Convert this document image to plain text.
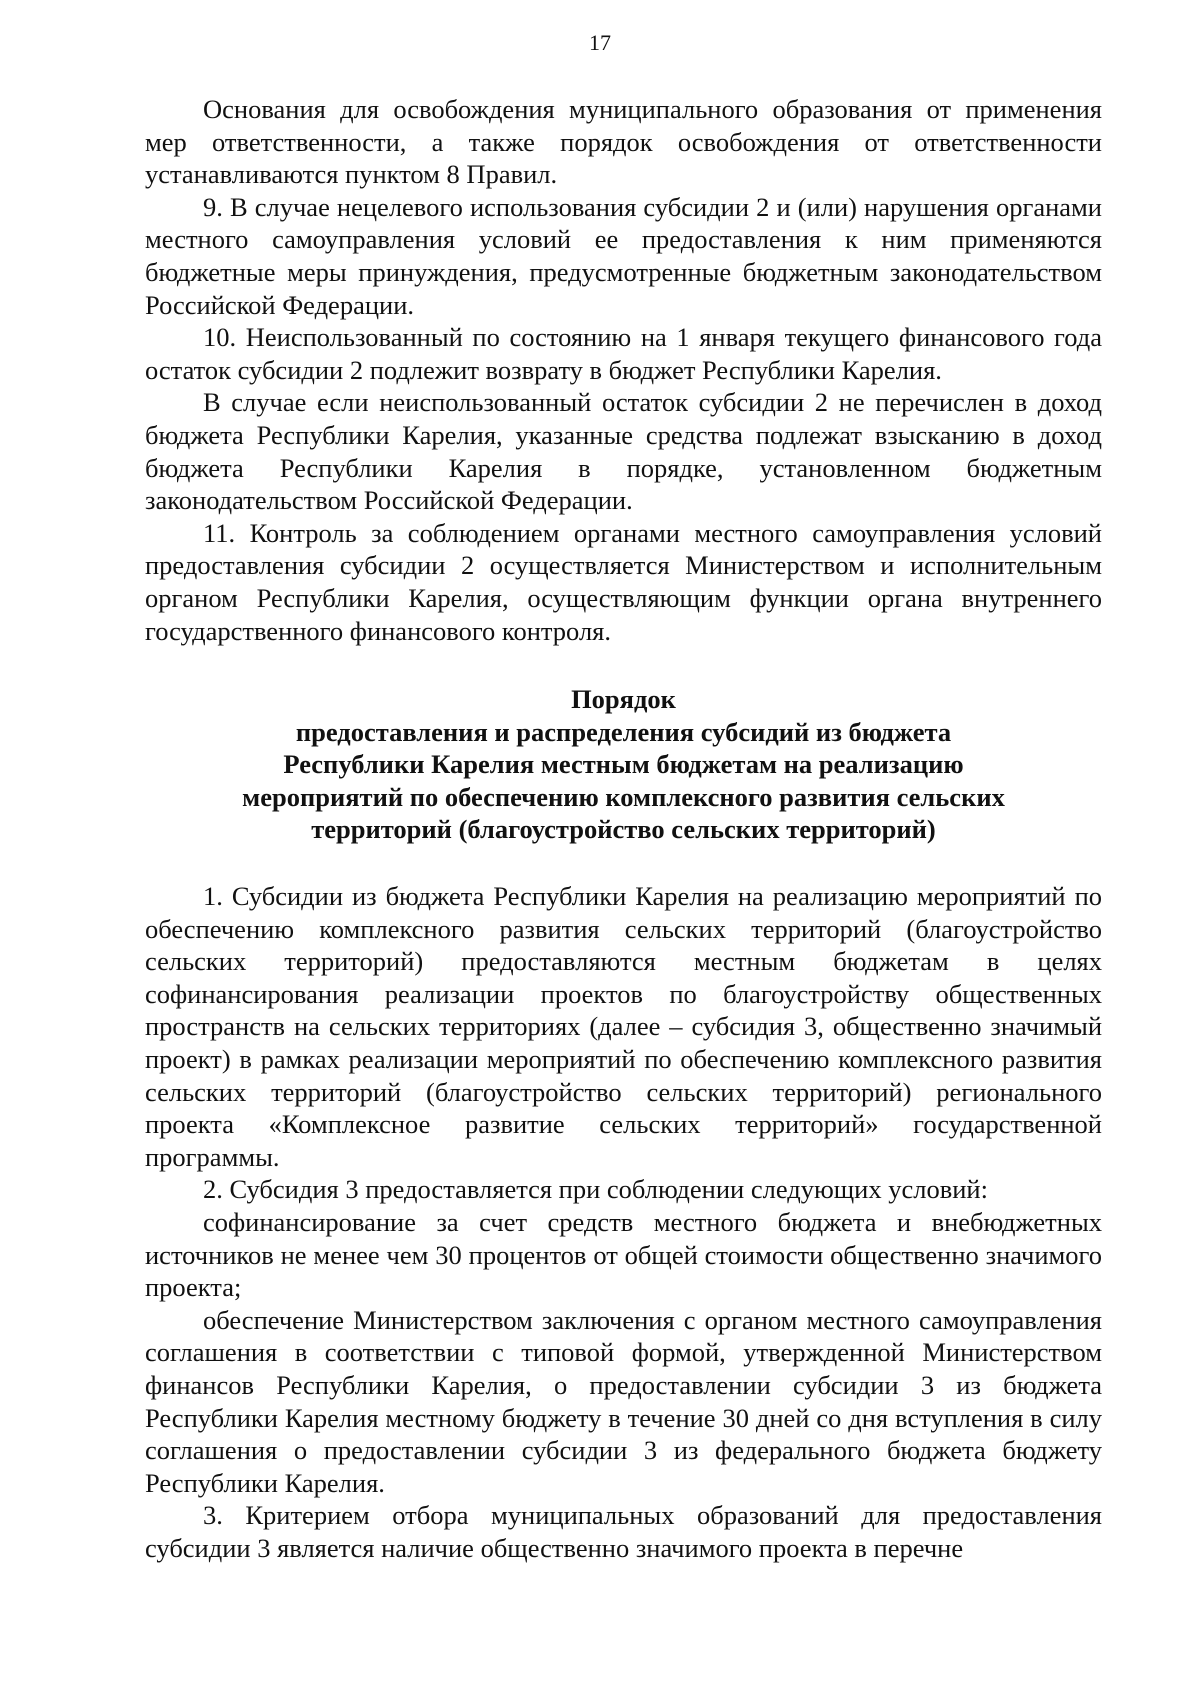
17

Основания для освобождения муниципального образования от применения мер ответственности, а также порядок освобождения от ответственности устанавливаются пунктом 8 Правил.

9. В случае нецелевого использования субсидии 2 и (или) нарушения органами местного самоуправления условий ее предоставления к ним применяются бюджетные меры принуждения, предусмотренные бюджетным законодательством Российской Федерации.

10. Неиспользованный по состоянию на 1 января текущего финансового года остаток субсидии 2 подлежит возврату в бюджет Республики Карелия.

В случае если неиспользованный остаток субсидии 2 не перечислен в доход бюджета Республики Карелия, указанные средства подлежат взысканию в доход бюджета Республики Карелия в порядке, установленном бюджетным законодательством Российской Федерации.

11. Контроль за соблюдением органами местного самоуправления условий предоставления субсидии 2 осуществляется Министерством и исполнительным органом Республики Карелия, осуществляющим функции органа внутреннего государственного финансового контроля.

Порядок
предоставления и распределения субсидий из бюджета
Республики Карелия местным бюджетам на реализацию
мероприятий по обеспечению комплексного развития сельских
территорий (благоустройство сельских территорий)

1. Субсидии из бюджета Республики Карелия на реализацию мероприятий по обеспечению комплексного развития сельских территорий (благоустройство сельских территорий) предоставляются местным бюджетам в целях софинансирования реализации проектов по благоустройству общественных пространств на сельских территориях (далее – субсидия 3, общественно значимый проект) в рамках реализации мероприятий по обеспечению комплексного развития сельских территорий (благоустройство сельских территорий) регионального проекта «Комплексное развитие сельских территорий» государственной программы.

2. Субсидия 3 предоставляется при соблюдении следующих условий:

софинансирование за счет средств местного бюджета и внебюджетных источников не менее чем 30 процентов от общей стоимости общественно значимого проекта;

обеспечение Министерством заключения с органом местного самоуправления соглашения в соответствии с типовой формой, утвержденной Министерством финансов Республики Карелия, о предоставлении субсидии 3 из бюджета Республики Карелия местному бюджету в течение 30 дней со дня вступления в силу соглашения о предоставлении субсидии 3 из федерального бюджета бюджету Республики Карелия.

3. Критерием отбора муниципальных образований для предоставления субсидии 3 является наличие общественно значимого проекта в перечне
